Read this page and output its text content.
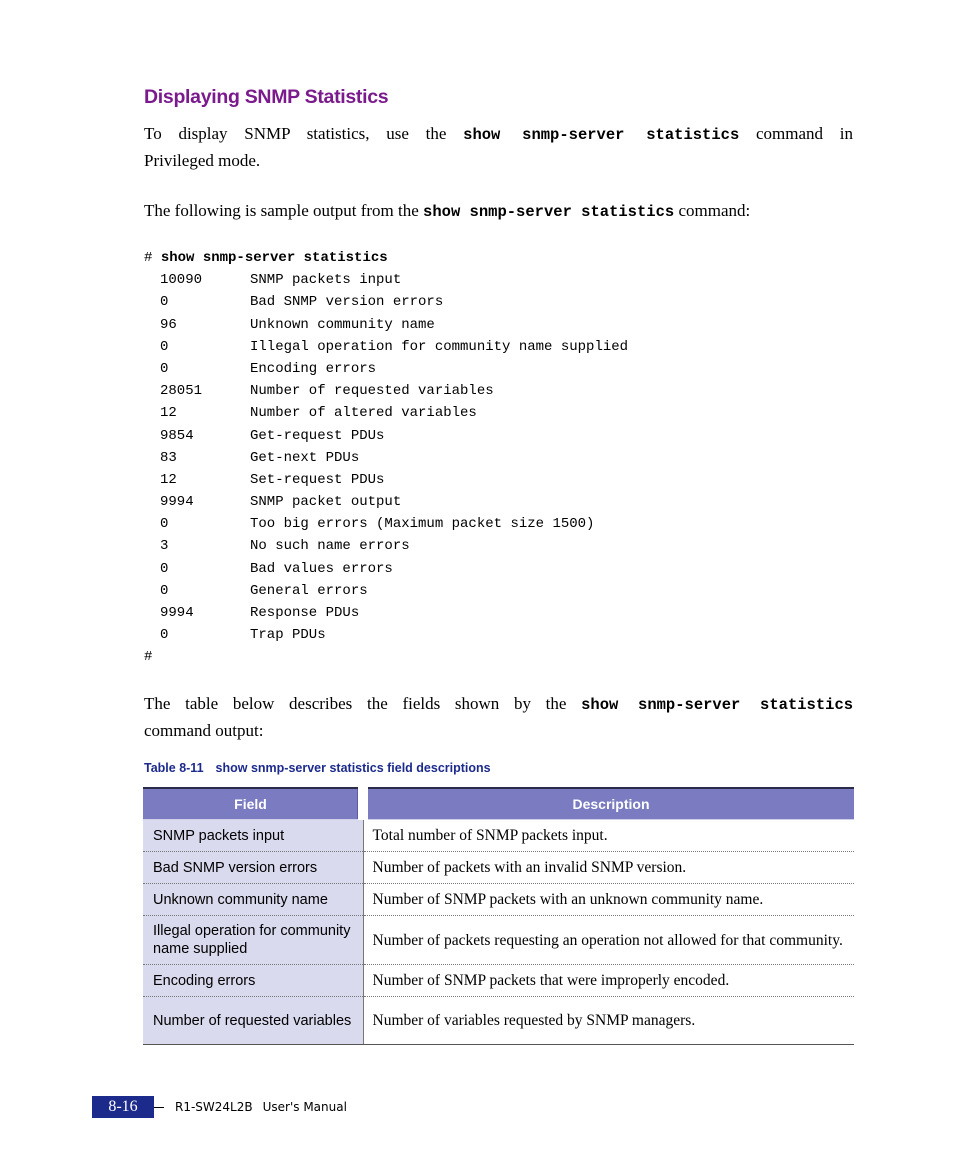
Displaying SNMP Statistics

To display SNMP statistics, use the show snmp-server statistics command in
Privileged mode.

The following is sample output from the show snmp-server statistics command:

# show snmp-server statistics
10090	SNMP packets input
0	Bad SNMP version errors
96	Unknown community name
0	Illegal operation for community name supplied
0	Encoding errors
28051	Number of requested variables
12	Number of altered variables
9854	Get-request PDUs
83	Get-next PDUs
12	Set-request PDUs
9994	SNMP packet output
0	Too big errors (Maximum packet size 1500)
3	No such name errors
0	Bad values errors
0	General errors
9994	Response PDUs
0	Trap PDUs
#

The table below describes the fields shown by the show snmp-server statistics
command output:

Table 8-11 show snmp-server statistics field descriptions

Field	Description
SNMP packets input	Total number of SNMP packets input.
Bad SNMP version errors	Number of packets with an invalid SNMP version.
Unknown community name	Number of SNMP packets with an unknown community name.
Illegal operation for community name supplied	Number of packets requesting an operation not allowed for that community.
Encoding errors	Number of SNMP packets that were improperly encoded.
Number of requested variables	Number of variables requested by SNMP managers.
8-16	R1-SW24L2B User's Manual
